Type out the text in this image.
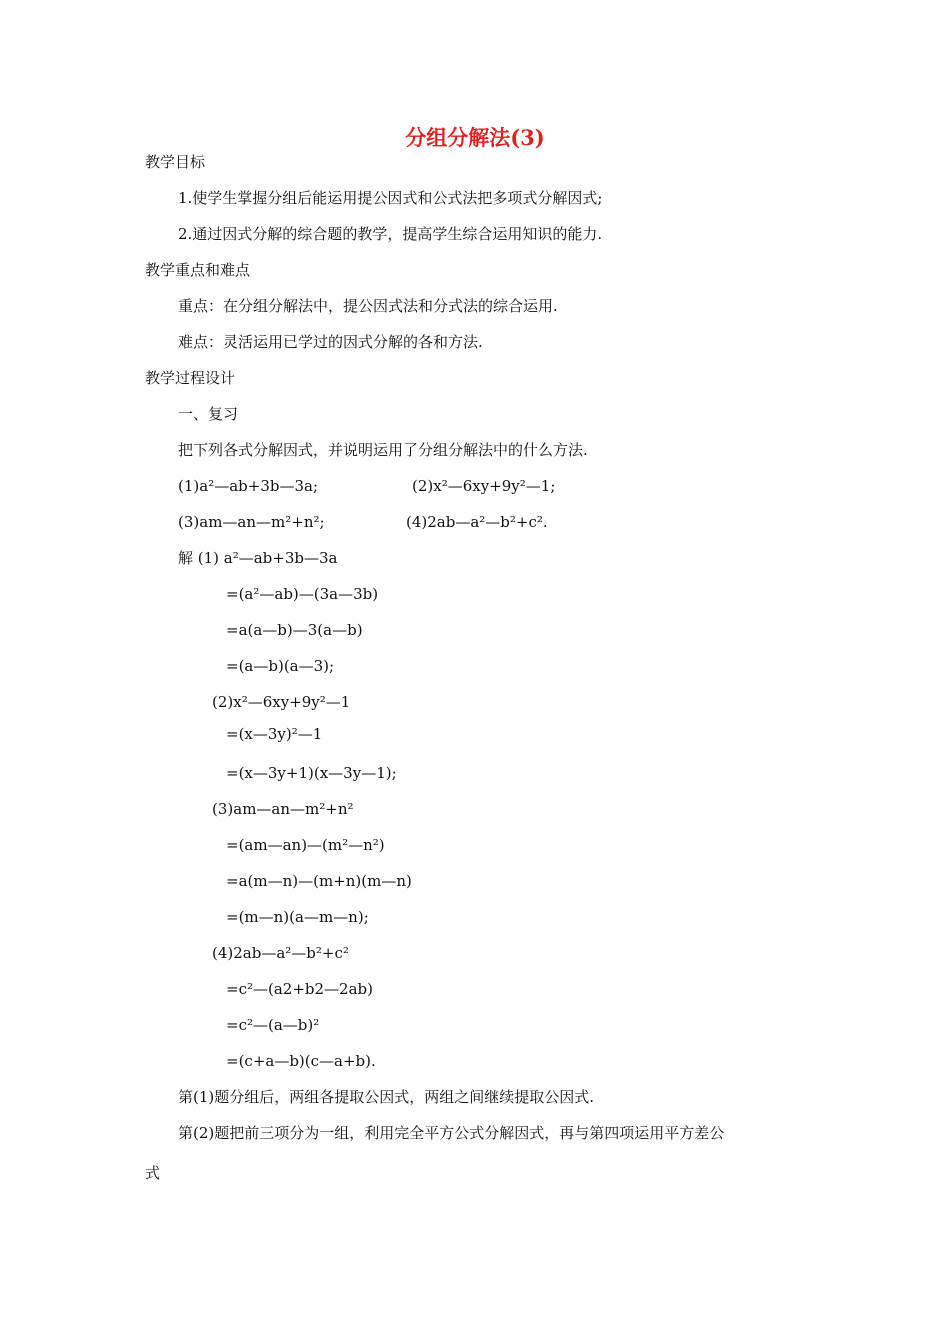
分组分解法(3)
教学目标
1.使学生掌握分组后能运用提公因式和公式法把多项式分解因式;
2.通过因式分解的综合题的教学，提高学生综合运用知识的能力.
教学重点和难点
重点：在分组分解法中，提公因式法和分式法的综合运用.
难点：灵活运用已学过的因式分解的各和方法.
教学过程设计
一、复习
把下列各式分解因式，并说明运用了分组分解法中的什么方法.
(1)a²—ab+3b—3a;	(2)x²—6xy+9y²—1;
(3)am—an—m²+n²;	(4)2ab—a²—b²+c².
解 (1) a²—ab+3b—3a
=(a²—ab)—(3a—3b)
=a(a—b)—3(a—b)
=(a—b)(a—3);
(2)x²—6xy+9y²—1
=(x—3y)²—1
=(x—3y+1)(x—3y—1);
(3)am—an—m²+n²
=(am—an)—(m²—n²)
=a(m—n)—(m+n)(m—n)
=(m—n)(a—m—n);
(4)2ab—a²—b²+c²
=c²—(a2+b2—2ab)
=c²—(a—b)²
=(c+a—b)(c—a+b).
第(1)题分组后，两组各提取公因式，两组之间继续提取公因式.
第(2)题把前三项分为一组，利用完全平方公式分解因式，再与第四项运用平方差公
式
